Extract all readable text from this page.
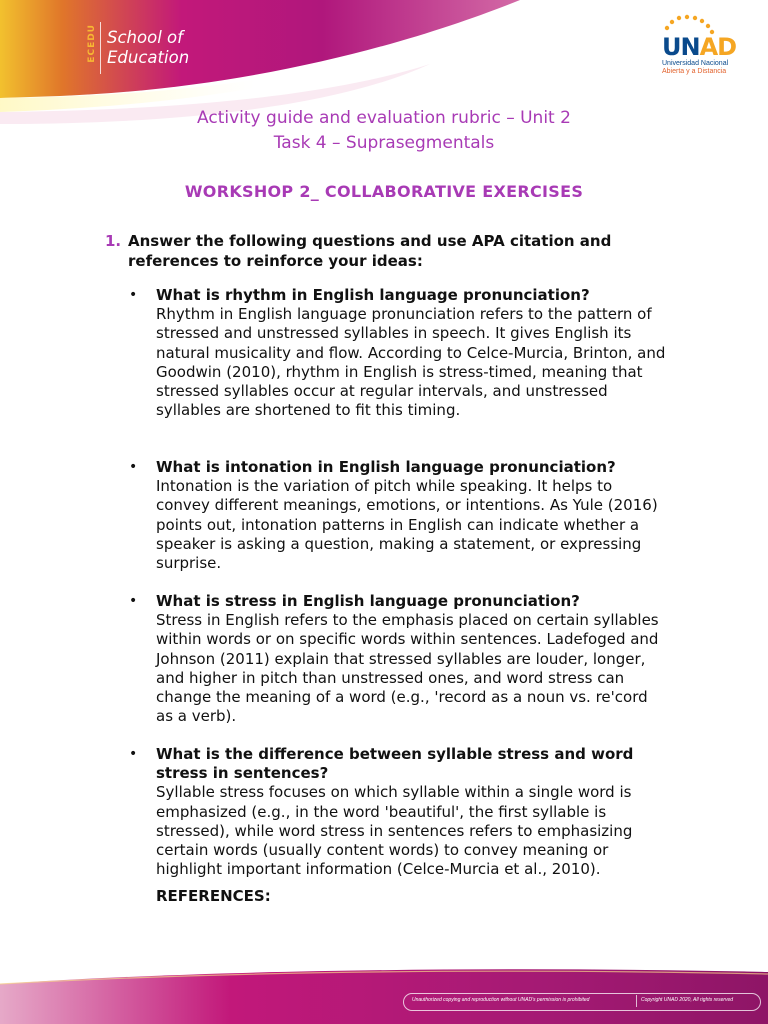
ECEDU School of
Education	UNAD
Universidad Nacional
Abierta y a Distancia
Activity guide and evaluation rubric – Unit 2
Task 4 – Suprasegmentals
WORKSHOP 2_ COLLABORATIVE EXERCISES
1. Answer the following questions and use APA citation and references to reinforce your ideas:
• What is rhythm in English language pronunciation?
Rhythm in English language pronunciation refers to the pattern of stressed and unstressed syllables in speech. It gives English its natural musicality and flow. According to Celce-Murcia, Brinton, and Goodwin (2010), rhythm in English is stress-timed, meaning that stressed syllables occur at regular intervals, and unstressed syllables are shortened to fit this timing.
• What is intonation in English language pronunciation?
Intonation is the variation of pitch while speaking. It helps to convey different meanings, emotions, or intentions. As Yule (2016) points out, intonation patterns in English can indicate whether a speaker is asking a question, making a statement, or expressing surprise.
• What is stress in English language pronunciation?
Stress in English refers to the emphasis placed on certain syllables within words or on specific words within sentences. Ladefoged and Johnson (2011) explain that stressed syllables are louder, longer, and higher in pitch than unstressed ones, and word stress can change the meaning of a word (e.g., 'record as a noun vs. re'cord as a verb).
• What is the difference between syllable stress and word stress in sentences?
Syllable stress focuses on which syllable within a single word is emphasized (e.g., in the word 'beautiful', the first syllable is stressed), while word stress in sentences refers to emphasizing certain words (usually content words) to convey meaning or highlight important information (Celce-Murcia et al., 2010).
REFERENCES:
Unauthorized copying and reproduction without UNAD's permission is prohibited	Copyright UNAD 2020, All rights reserved
